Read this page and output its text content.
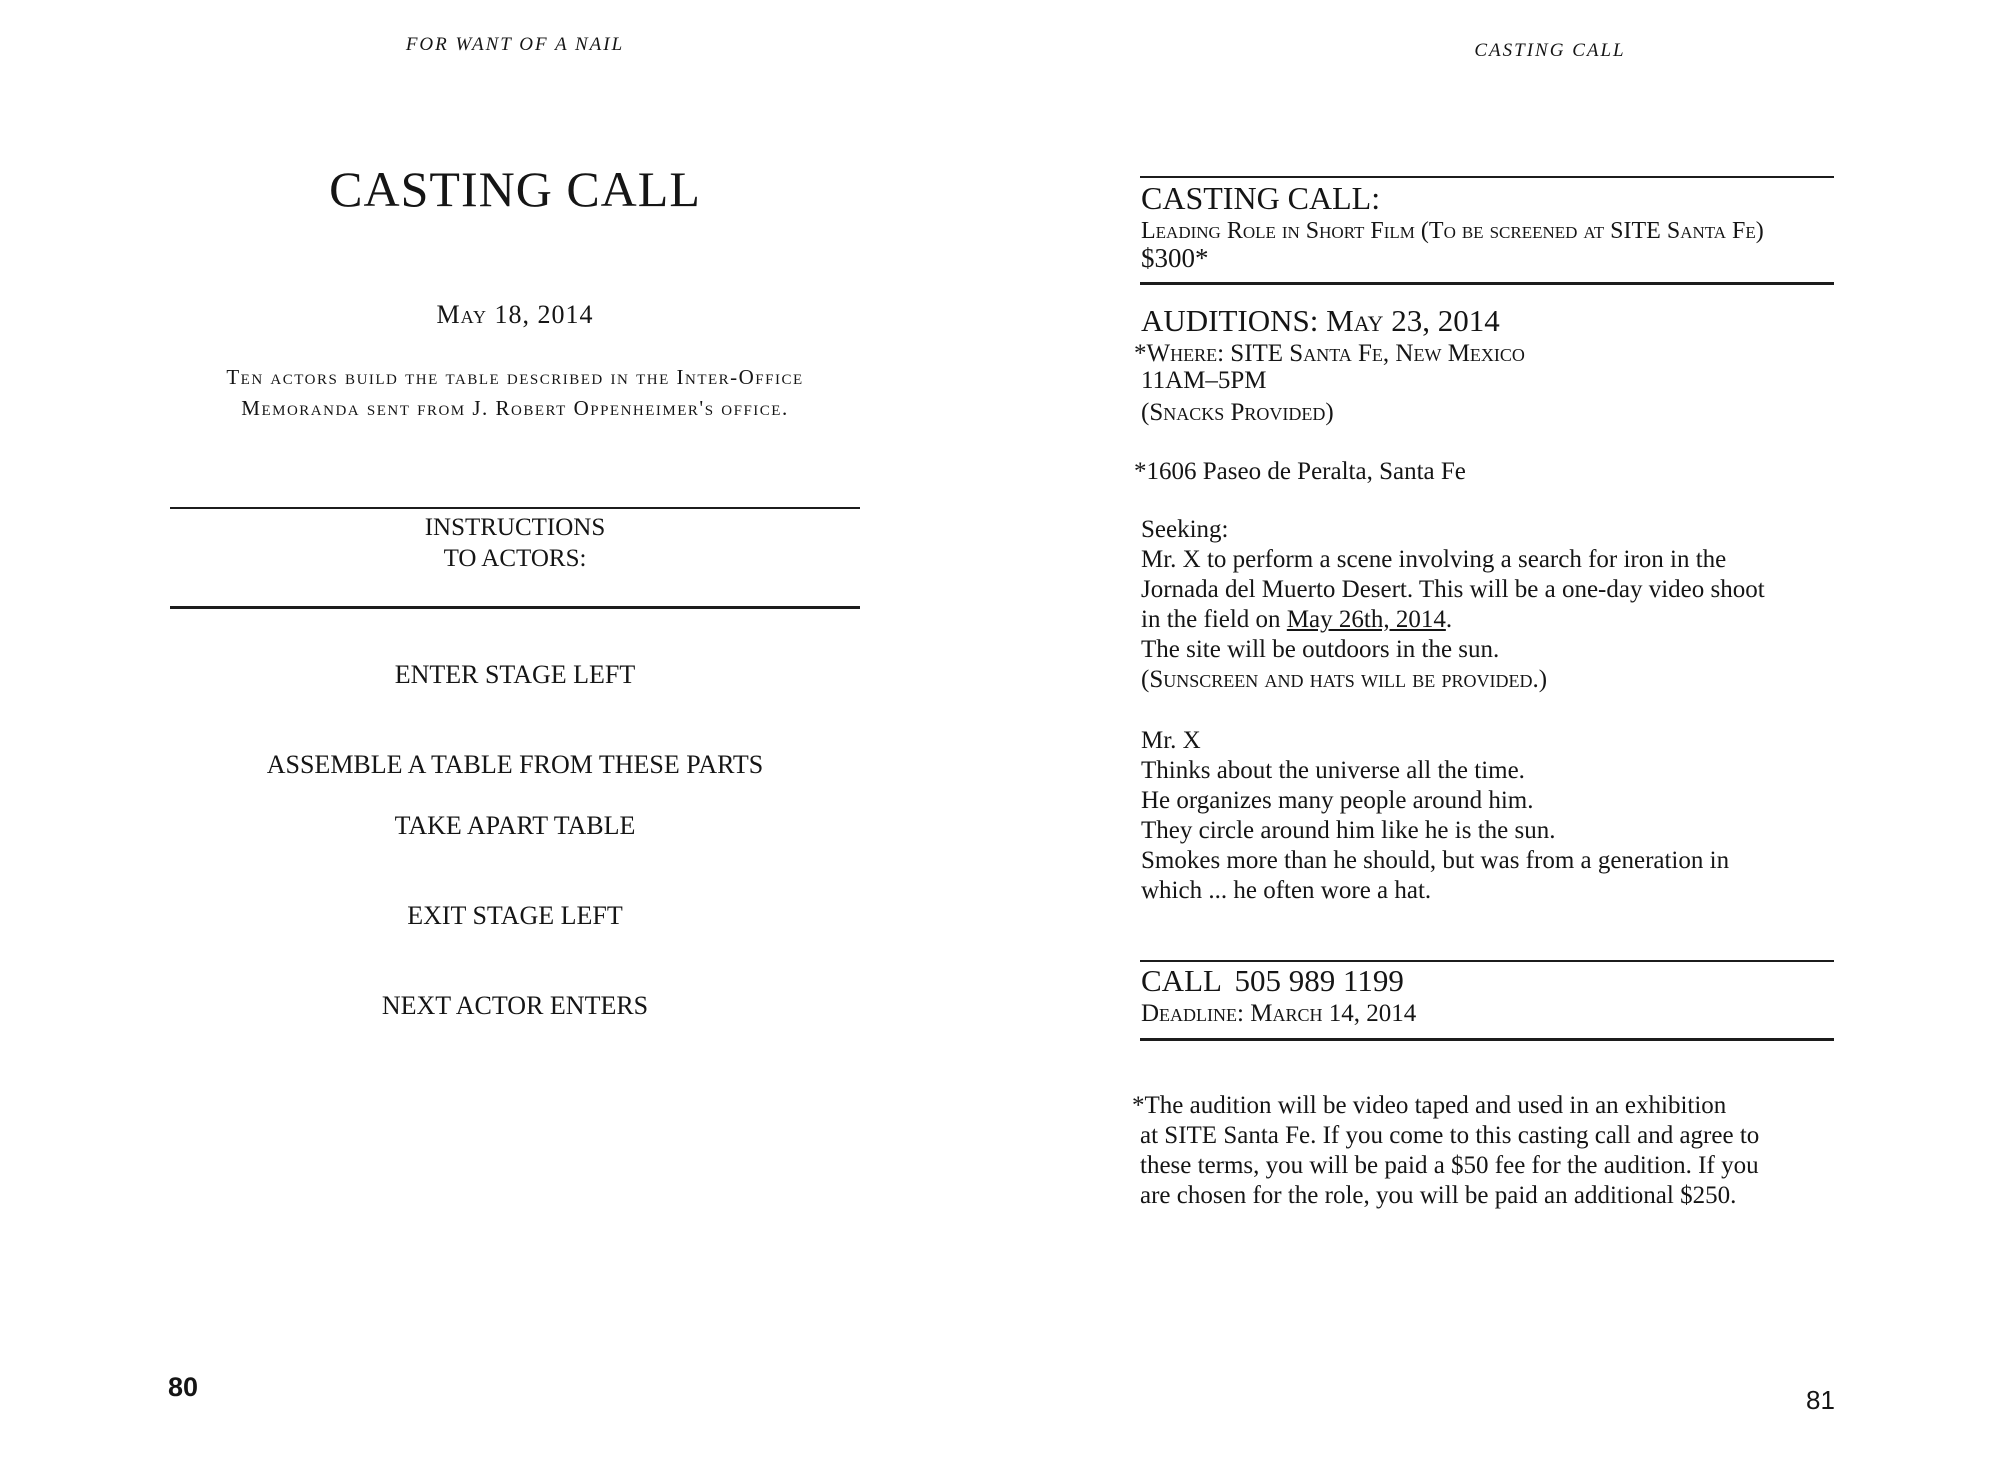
FOR WANT OF A NAIL
CASTING CALL
May 18, 2014
Ten actors build the table described in the Inter-Office
Memoranda sent from J. Robert Oppenheimer's office.
INSTRUCTIONS
TO ACTORS:
ENTER STAGE LEFT
ASSEMBLE A TABLE FROM THESE PARTS
TAKE APART TABLE
EXIT STAGE LEFT
NEXT ACTOR ENTERS
80
CASTING CALL
CASTING CALL:
Leading Role in Short Film (To be screened at SITE Santa Fe)
$300*
AUDITIONS: May 23, 2014
*Where: SITE Santa Fe, New Mexico
11AM–5PM
(Snacks Provided)
*1606 Paseo de Peralta, Santa Fe
Seeking:
Mr. X to perform a scene involving a search for iron in the
Jornada del Muerto Desert. This will be a one-day video shoot
in the field on May 26th, 2014.
The site will be outdoors in the sun.
(Sunscreen and hats will be provided.)
Mr. X
Thinks about the universe all the time.
He organizes many people around him.
They circle around him like he is the sun.
Smokes more than he should, but was from a generation in
which ... he often wore a hat.
CALL 505 989 1199
Deadline: March 14, 2014
*The audition will be video taped and used in an exhibition
at SITE Santa Fe. If you come to this casting call and agree to
these terms, you will be paid a $50 fee for the audition. If you
are chosen for the role, you will be paid an additional $250.
81
